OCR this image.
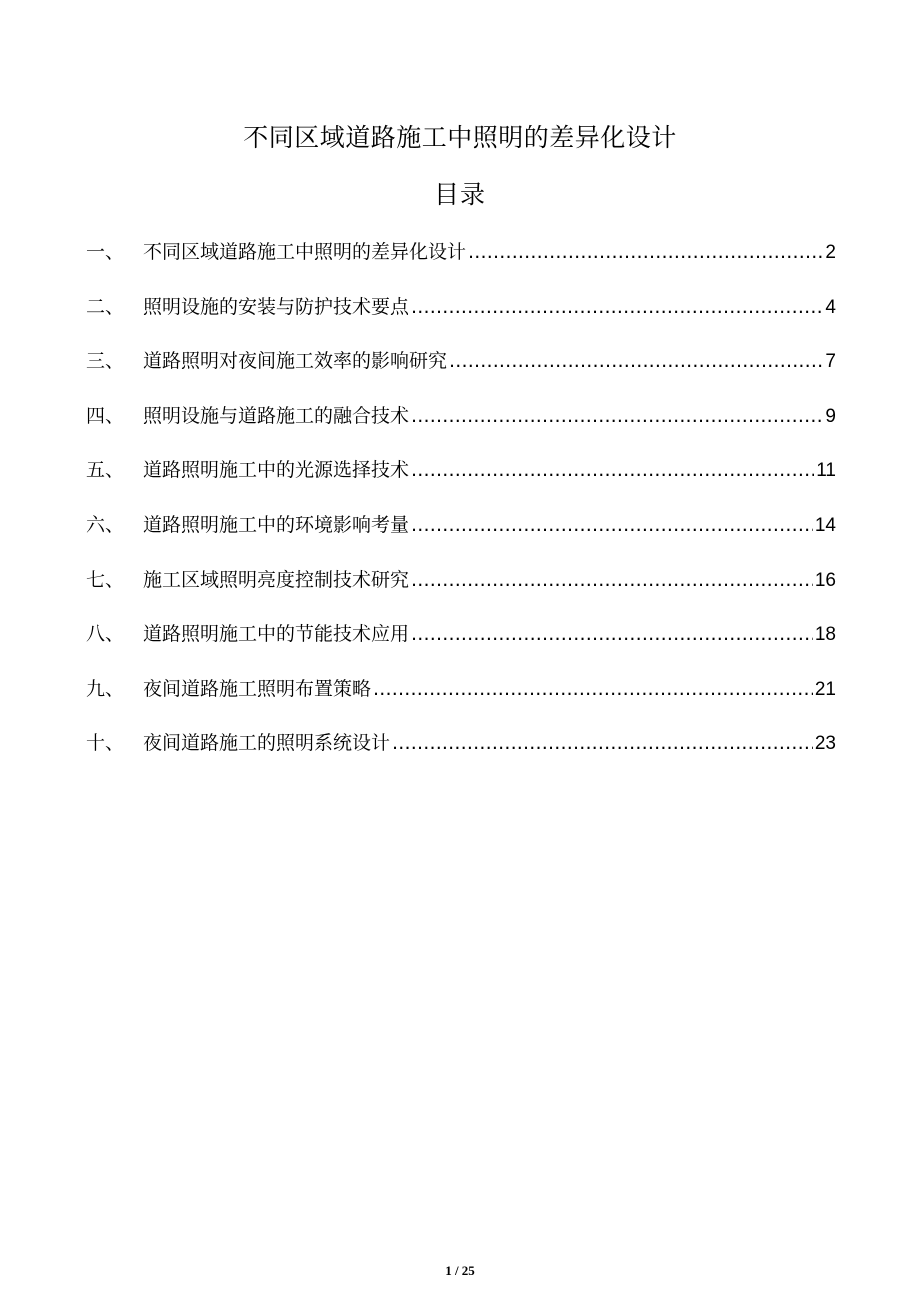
不同区域道路施工中照明的差异化设计
目录
一、 不同区域道路施工中照明的差异化设计 .....	2
二、 照明设施的安装与防护技术要点 .....	4
三、 道路照明对夜间施工效率的影响研究 .....	7
四、 照明设施与道路施工的融合技术 .....	9
五、 道路照明施工中的光源选择技术 .....	11
六、 道路照明施工中的环境影响考量 .....	14
七、 施工区域照明亮度控制技术研究 .....	16
八、 道路照明施工中的节能技术应用 .....	18
九、 夜间道路施工照明布置策略 .....	21
十、 夜间道路施工的照明系统设计 .....	23
1 / 25
